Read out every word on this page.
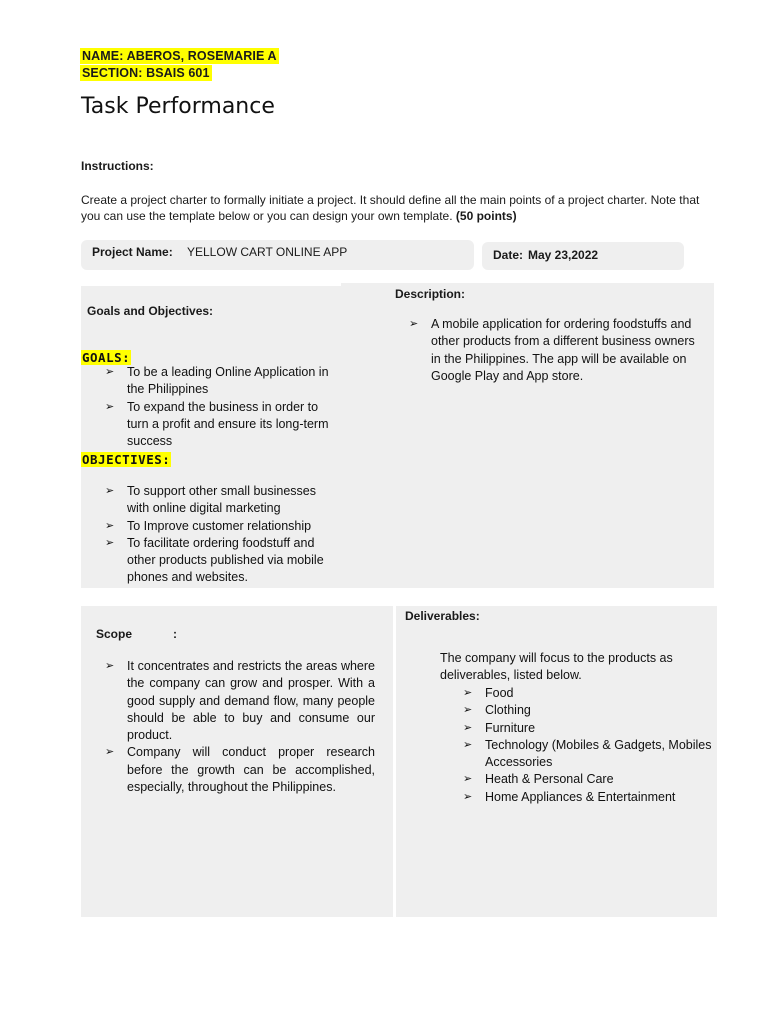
NAME: ABEROS, ROSEMARIE A
SECTION: BSAIS 601
Task Performance
Instructions:
Create a project charter to formally initiate a project. It should define all the main points of a project charter. Note that you can use the template below or you can design your own template. (50 points)
Project Name: YELLOW CART ONLINE APP	Date: May 23,2022
Goals and Objectives:
GOALS:
➢ To be a leading Online Application in the Philippines
➢ To expand the business in order to turn a profit and ensure its long-term success
OBJECTIVES:
➢ To support other small businesses with online digital marketing
➢ To Improve customer relationship
➢ To facilitate ordering foodstuff and other products published via mobile phones and websites.
Description:
➢ A mobile application for ordering foodstuffs and other products from a different business owners in the Philippines. The app will be available on Google Play and App store.
Scope	:
➢ It concentrates and restricts the areas where the company can grow and prosper. With a good supply and demand flow, many people should be able to buy and consume our product.
➢ Company will conduct proper research before the growth can be accomplished, especially, throughout the Philippines.
Deliverables:
The company will focus to the products as deliverables, listed below.
➢ Food
➢ Clothing
➢ Furniture
➢ Technology (Mobiles & Gadgets, Mobiles Accessories
➢ Heath & Personal Care
➢ Home Appliances & Entertainment
